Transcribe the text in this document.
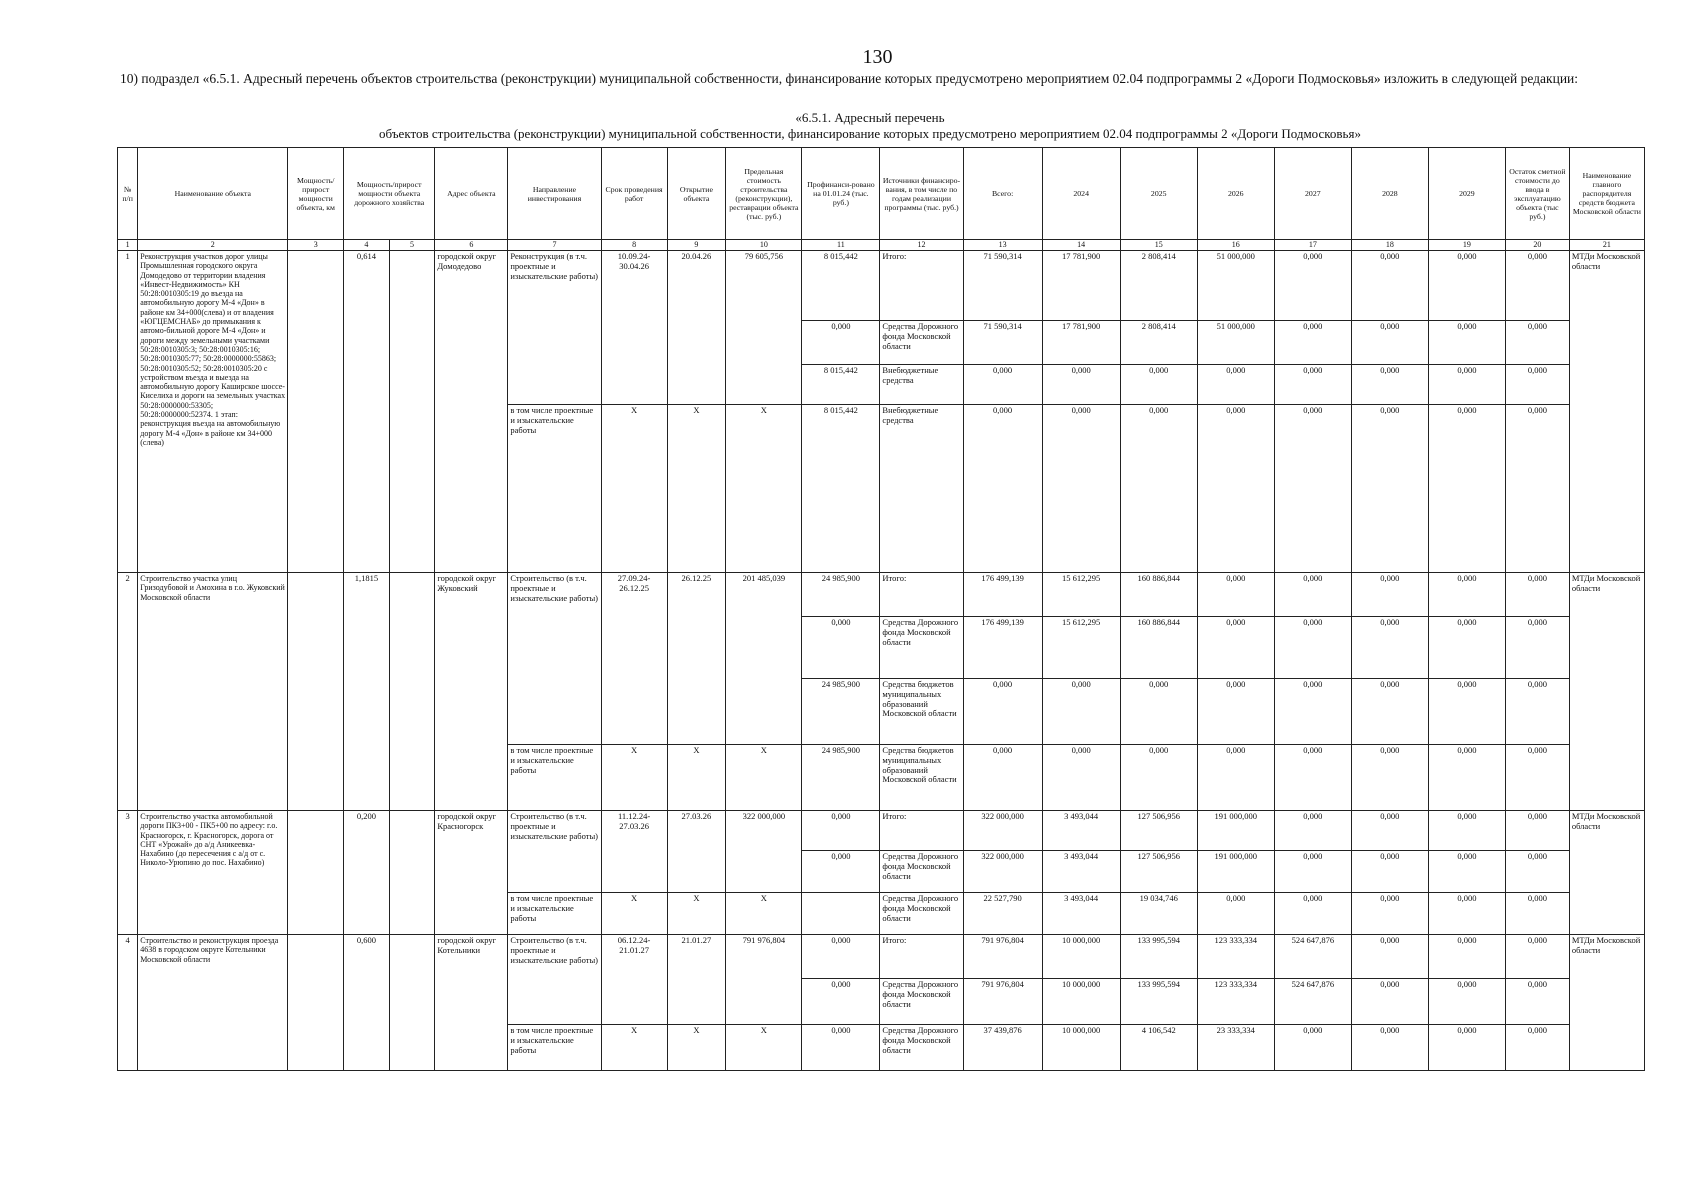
130
10) подраздел «6.5.1. Адресный перечень объектов строительства (реконструкции) муниципальной собственности, финансирование которых предусмотрено мероприятием 02.04 подпрограммы 2 «Дороги Подмосковья» изложить в следующей редакции:
«6.5.1. Адресный перечень
объектов строительства (реконструкции) муниципальной собственности, финансирование которых предусмотрено мероприятием 02.04 подпрограммы 2 «Дороги Подмосковья»
№ п/п	Наименование объекта	Мощность/ прирост мощности объекта, км	Мощность/прирост мощности объекта дорожного хозяйства		Адрес объекта	Направление инвестирования	Срок проведения работ	Открытие объекта	Предельная стоимость строительства (реконструкции), реставрации объекта (тыс. руб.)	Профинанси-ровано на 01.01.24 (тыс. руб.)	Источники финансиро-вания, в том числе по годам реализации программы (тыс. руб.)	Всего:	2024	2025	2026	2027	2028	2029	Остаток сметной стоимости до ввода в эксплуатацию объекта (тыс руб.)	Наименование главного распорядителя средств бюджета Московской области
1	2	3	4	5	6	7	8	9	10	11	12	13	14	15	16	17	18	19	20	21
1	Реконструкция участков дорог улицы Промышленная городского округа Домодедово от территории владения «Инвест-Недвижимость» КН 50:28:0010305:19 до въезда на автомобильную дорогу М-4 «Дон» в районе км 34+000(слева) и от владения «ЮГЦЕМСНАБ» до примыкания к автомо-бильной дороге М-4 «Дон» и дороги между земельными участками 50:28:0010305:3; 50:28:0010305:16; 50:28:0010305:77; 50:28:0000000:55863; 50:28:0010305:52; 50:28:0010305:20 с устройством въезда и выезда на автомобильную дорогу Каширское шоссе-Киселиха и дороги на земельных участках 50:28:0000000:53305; 50:28:0000000:52374. 1 этап: реконструкция въезда на автомобильную дорогу М-4 «Дон» в районе км 34+000 (слева)		0,614		городской округ Домодедово	Реконструкция (в т.ч. проектные и изыскательские работы)	10.09.24- 30.04.26	20.04.26	79 605,756	8 015,442	Итого:	71 590,314	17 781,900	2 808,414	51 000,000	0,000	0,000	0,000	0,000	МТДи Московской области
										0,000	Средства Дорожного фонда Московской области	71 590,314	17 781,900	2 808,414	51 000,000	0,000	0,000	0,000	0,000	
										8 015,442	Внебюджетные средства	0,000	0,000	0,000	0,000	0,000	0,000	0,000	0,000	
						в том числе проектные и изыскательские работы	X	X	X	8 015,442	Внебюджетные средства	0,000	0,000	0,000	0,000	0,000	0,000	0,000	0,000	
2	Строительство участка улиц Гризодубовой и Амохина в г.о. Жуковский Московской области		1,1815		городской округ Жуковский	Строительство (в т.ч. проектные и изыскательские работы)	27.09.24- 26.12.25	26.12.25	201 485,039	24 985,900	Итого:	176 499,139	15 612,295	160 886,844	0,000	0,000	0,000	0,000	0,000	МТДи Московской области
										0,000	Средства Дорожного фонда Московской области	176 499,139	15 612,295	160 886,844	0,000	0,000	0,000	0,000	0,000	
										24 985,900	Средства бюджетов муниципальных образований Московской области	0,000	0,000	0,000	0,000	0,000	0,000	0,000	0,000	
						в том числе проектные и изыскательские работы	X	X	X	24 985,900	Средства бюджетов муниципальных образований Московской области	0,000	0,000	0,000	0,000	0,000	0,000	0,000	0,000	
3	Строительство участка автомобильной дороги ПК3+00 - ПК5+00 по адресу: г.о. Красногорск, г. Красногорск, дорога от СНТ «Урожай» до а/д Аникеевка-Нахабино (до пересечения с а/д от с. Николо-Урюпино до пос. Нахабино)		0,200		городской округ Красногорск	Строительство (в т.ч. проектные и изыскательские работы)	11.12.24- 27.03.26	27.03.26	322 000,000	0,000	Итого:	322 000,000	3 493,044	127 506,956	191 000,000	0,000	0,000	0,000	0,000	МТДи Московской области
										0,000	Средства Дорожного фонда Московской области	322 000,000	3 493,044	127 506,956	191 000,000	0,000	0,000	0,000	0,000	
						в том числе проектные и изыскательские работы	X	X	X		Средства Дорожного фонда Московской области	22 527,790	3 493,044	19 034,746	0,000	0,000	0,000	0,000	0,000	
4	Строительство и реконструкция проезда 4638 в городском округе Котельники Московской области		0,600		городской округ Котельники	Строительство (в т.ч. проектные и изыскательские работы)	06.12.24- 21.01.27	21.01.27	791 976,804	0,000	Итого:	791 976,804	10 000,000	133 995,594	123 333,334	524 647,876	0,000	0,000	0,000	МТДи Московской области
										0,000	Средства Дорожного фонда Московской области	791 976,804	10 000,000	133 995,594	123 333,334	524 647,876	0,000	0,000	0,000	
						в том числе проектные и изыскательские работы	X	X	X	0,000	Средства Дорожного фонда Московской области	37 439,876	10 000,000	4 106,542	23 333,334	0,000	0,000	0,000	0,000	
